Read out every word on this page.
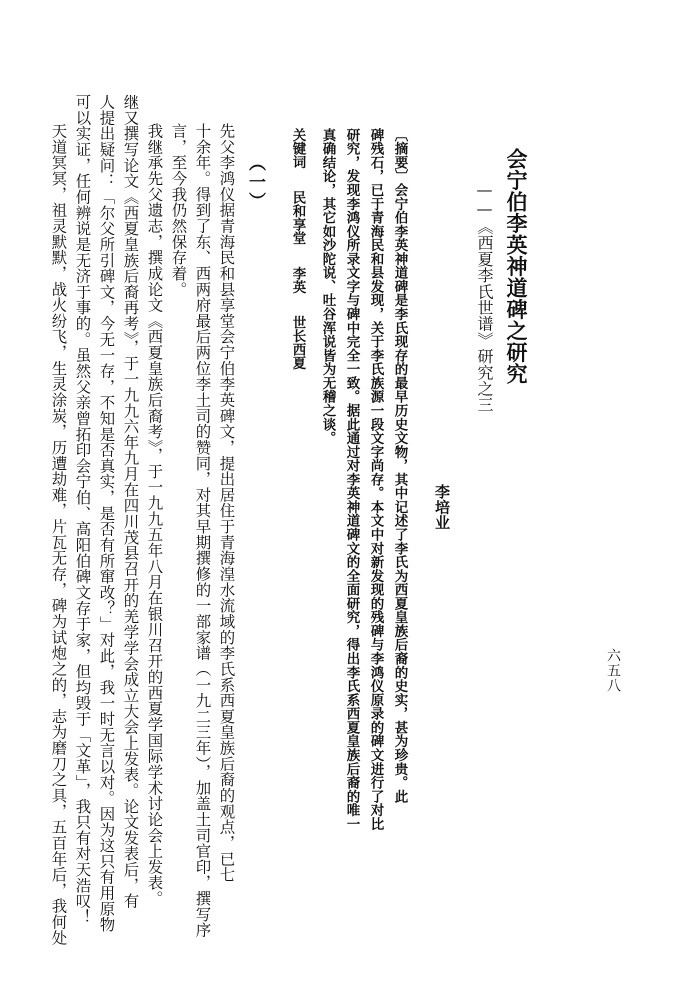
会宁伯李英神道碑之研究
——《西夏李氏世谱》研究之三
李培业
〔摘要〕会宁伯李英神道碑是李氏现存的最早历史文物，其中记述了李氏为西夏皇族后裔的史实，甚为珍贵。此
碑残石，已于青海民和县发现，关于李氏族源一段文字尚存。本文中对新发现的残碑与李鸿仪原录的碑文进行了对比
研究，发现李鸿仪所录文字与碑中完全一致。据此通过对李英神道碑文的全面研究，得出李氏系西夏皇族后裔的唯一
真确结论，其它如沙陀说、吐谷浑说皆为无稽之谈。
关键词民和享堂李英世长西夏
（一）

先父李鸿仪据青海民和县享堂会宁伯李英碑文，提出居住于青海湟水流域的李氏系西夏皇族后裔的观点，已七

十余年。得到了东、西两府最后两位李土司的赞同，对其早期撰修的一部家谱（一九二三年），加盖土司官印，撰写序

言，至今我仍然保存着。

我继承先父遗志，撰成论文《西夏皇族后裔考》，于一九九五年八月在银川召开的西夏学国际学术讨论会上发表。

继又撰写论文《西夏皇族后裔再考》，于一九九六年九月在四川茂县召开的羌学学会成立大会上发表。论文发表后，有

人提出疑问：「尔父所引碑文，今无一存，不知是否真实，是否有所窜改？」对此，我一时无言以对。因为这只有用原物

可以实证，任何辨说是无济于事的。虽然父亲曾拓印会宁伯、高阳伯碑文存于家，但均毁于「文革」，我只有对天浩叹！

天道冥冥，祖灵默默，战火纷飞，生灵涂炭，历遭劫难，片瓦无存，碑为试炮之的，志为磨刀之具，五百年后，我何处	六五八
